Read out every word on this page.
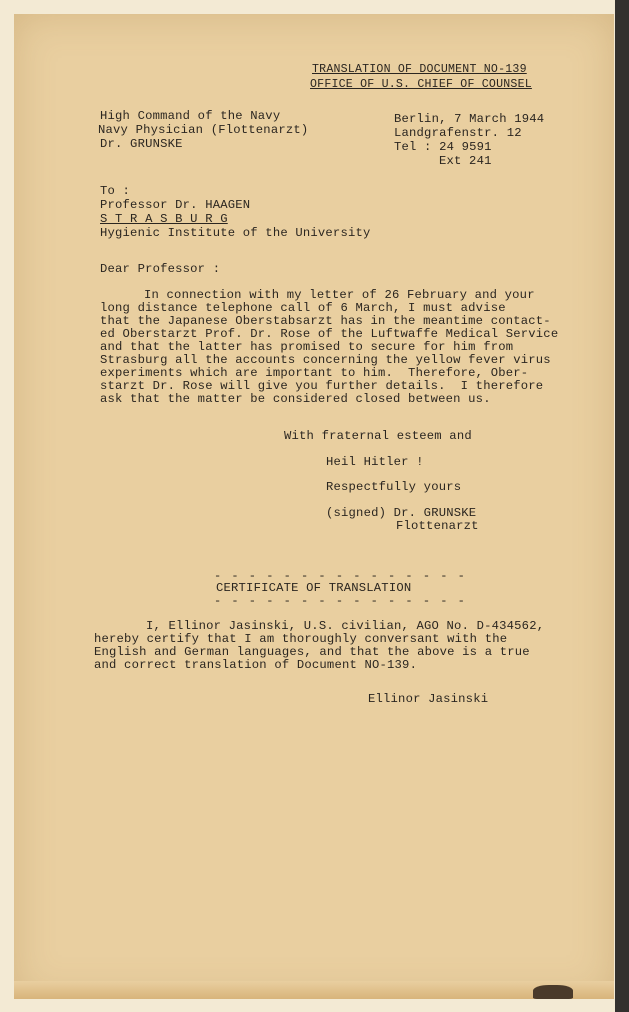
TRANSLATION OF DOCUMENT NO-139
OFFICE OF U.S. CHIEF OF COUNSEL
High Command of the Navy
Navy Physician (Flottenarzt)
Dr. GRUNSKE
Berlin, 7 March 1944
Landgrafenstr. 12
Tel : 24 9591
Ext 241
To :
Professor Dr. HAAGEN
S T R A S B U R G
Hygienic Institute of the University
Dear Professor :
In connection with my letter of 26 February and your
long distance telephone call of 6 March, I must advise
that the Japanese Oberstabsarzt has in the meantime contact-
ed Oberstarzt Prof. Dr. Rose of the Luftwaffe Medical Service
and that the latter has promised to secure for him from
Strasburg all the accounts concerning the yellow fever virus
experiments which are important to him.  Therefore, Ober-
starzt Dr. Rose will give you further details.  I therefore
ask that the matter be considered closed between us.
With fraternal esteem and
Heil Hitler !
Respectfully yours
(signed) Dr. GRUNSKE
Flottenarzt
- - - - - - - - - - - - - - -
CERTIFICATE OF TRANSLATION
- - - - - - - - - - - - - - -
I, Ellinor Jasinski, U.S. civilian, AGO No. D-434562,
hereby certify that I am thoroughly conversant with the
English and German languages, and that the above is a true
and correct translation of Document NO-139.
Ellinor Jasinski
